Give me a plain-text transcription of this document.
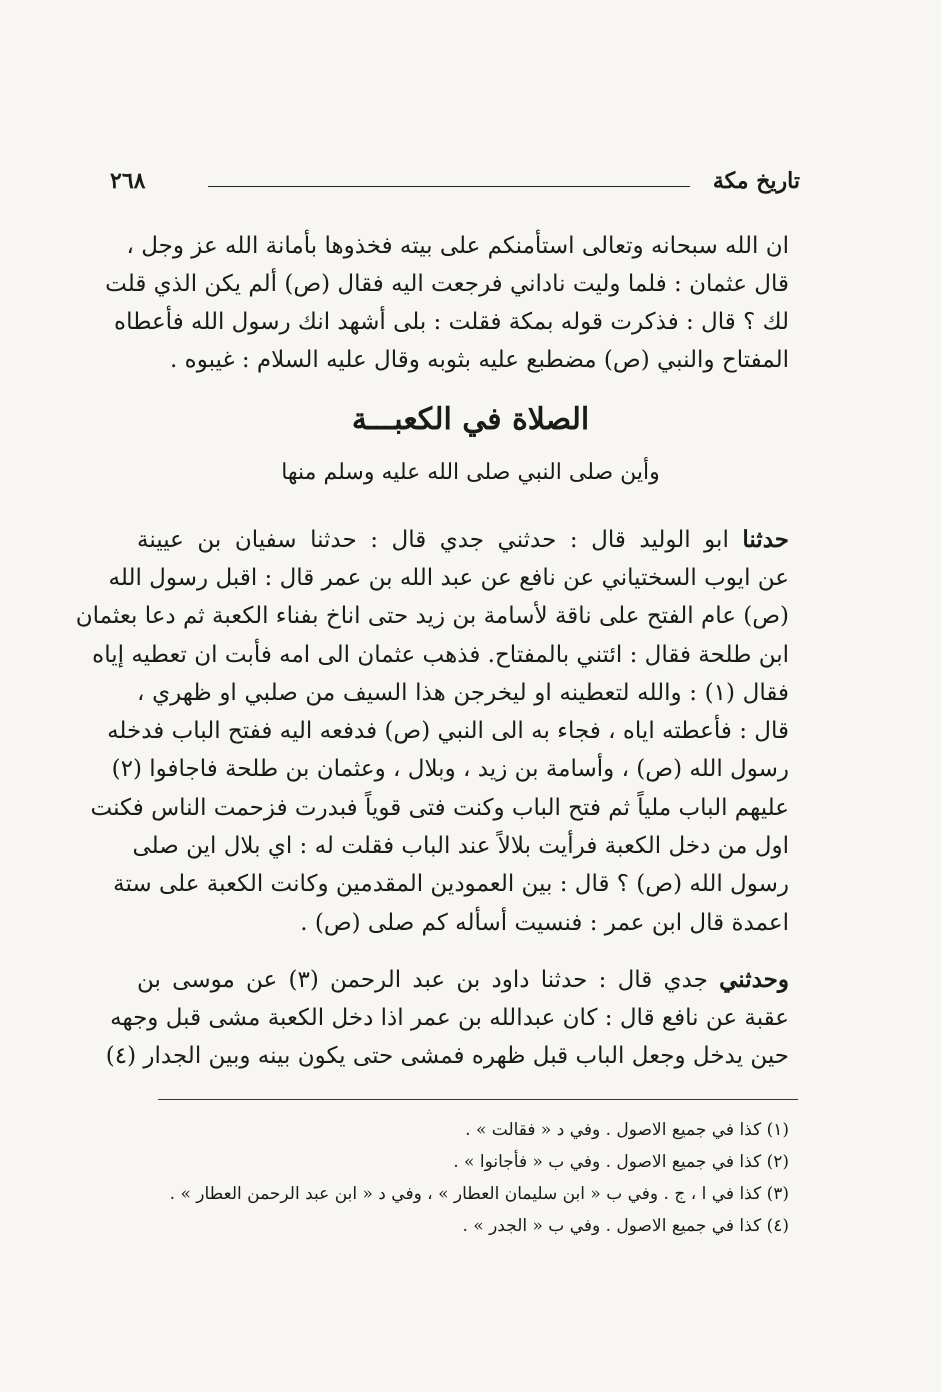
تاريخ مكة
٢٦٨
ان الله سبحانه وتعالى استأمنكم على بيته فخذوها بأمانة الله عز وجل ،
قال عثمان : فلما وليت ناداني فرجعت اليه فقال (ص) ألم يكن الذي قلت
لك ؟ قال : فذكرت قوله بمكة فقلت : بلى أشهد انك رسول الله فأعطاه
المفتاح والنبي (ص) مضطبع عليه بثوبه وقال عليه السلام : غيبوه .
الصلاة في الكعبـــة
وأين صلى النبي صلى الله عليه وسلم منها
حدثنا ابو الوليد قال : حدثني جدي قال : حدثنا سفيان بن عيينة
عن ايوب السختياني عن نافع عن عبد الله بن عمر قال : اقبل رسول الله
(ص) عام الفتح على ناقة لأسامة بن زيد حتى اناخ بفناء الكعبة ثم دعا بعثمان
ابن طلحة فقال : ائتني بالمفتاح. فذهب عثمان الى امه فأبت ان تعطيه إياه
فقال (١) : والله لتعطينه او ليخرجن هذا السيف من صلبي او ظهري ،
قال : فأعطته اياه ، فجاء به الى النبي (ص) فدفعه اليه ففتح الباب فدخله
رسول الله (ص) ، وأسامة بن زيد ، وبلال ، وعثمان بن طلحة فاجافوا (٢)
عليهم الباب ملياً ثم فتح الباب وكنت فتى قوياً فبدرت فزحمت الناس فكنت
اول من دخل الكعبة فرأيت بلالاً عند الباب فقلت له : اي بلال اين صلى
رسول الله (ص) ؟ قال : بين العمودين المقدمين وكانت الكعبة على ستة
اعمدة قال ابن عمر : فنسيت أسأله كم صلى (ص) .
وحدثني جدي قال : حدثنا داود بن عبد الرحمن (٣) عن موسى بن
عقبة عن نافع قال : كان عبدالله بن عمر اذا دخل الكعبة مشى قبل وجهه
حين يدخل وجعل الباب قبل ظهره فمشى حتى يكون بينه وبين الجدار (٤)
(١) كذا في جميع الاصول . وفي د « فقالت » .
(٢) كذا في جميع الاصول . وفي ب « فأجانوا » .
(٣) كذا في ا ، ج . وفي ب « ابن سليمان العطار » ، وفي د « ابن عبد الرحمن العطار » .
(٤) كذا في جميع الاصول . وفي ب « الجدر » .
